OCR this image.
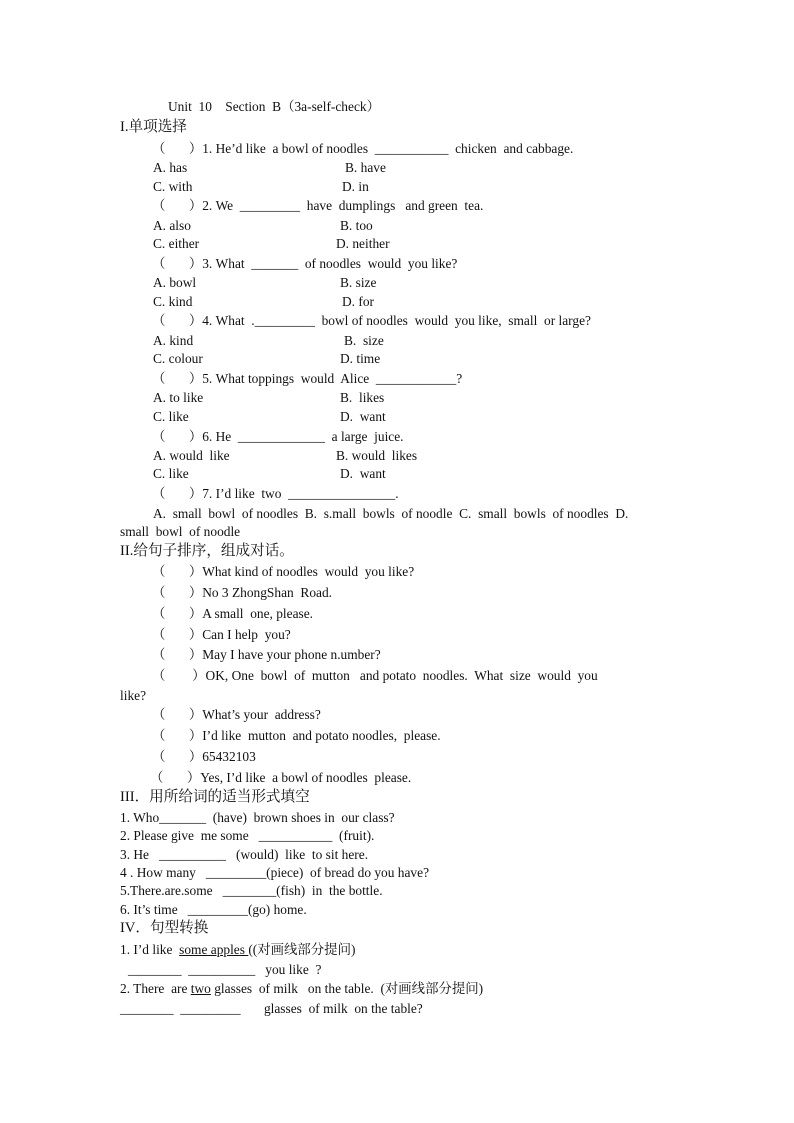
Unit  10    Section  B（3a-self-check）
I.单项选择
（       ）1. He’d like  a bowl of noodles  ___________  chicken  and cabbage.
A. has	B. have
C. with	D. in
（       ）2. We  _________  have  dumplings   and green  tea.
A. also	B. too
C. either	D. neither
（       ）3. What  _______  of noodles  would  you like?
A. bowl	B. size
C. kind	D. for
（       ）4. What  ._________  bowl of noodles  would  you like,  small  or large?
A. kind	B.  size
C. colour	D. time
（       ）5. What toppings  would  Alice  ____________?
A. to like	B.  likes
C. like	D.  want
（       ）6. He  _____________  a large  juice.
A. would  like	B. would  likes
C. like	D.  want
（       ）7. I’d like  two  ________________.
A.  small  bowl  of noodles  B.  s.mall  bowls  of noodle  C.  small  bowls  of noodles  D.
small  bowl  of noodle
II.给句子排序，组成对话。
（       ）What kind of noodles  would  you like?
（       ）No 3 ZhongShan  Road.
（       ）A small  one, please.
（       ）Can I help  you?
（       ）May I have your phone n.umber?
（        ）OK, One  bowl  of  mutton   and potato  noodles.  What  size  would  you
like?
（       ）What’s your  address?
（       ）I’d like  mutton  and potato noodles,  please.
（       ）65432103
（       ）Yes, I’d like  a bowl of noodles  please.
III．用所给词的适当形式填空
1. Who_______  (have)  brown shoes in  our class?
2. Please give  me some   ___________  (fruit).
3. He   __________   (would)  like  to sit here.
4 . How many   _________(piece)  of bread do you have?
5.There.are.some   ________(fish)  in  the bottle.
6. It’s time   _________(go) home.
IV．句型转换
1. I’d like  some apples ((对画线部分提问)
________  __________   you like  ?
2. There  are two glasses  of milk   on the table.  (对画线部分提问)
________  _________       glasses  of milk  on the table?
